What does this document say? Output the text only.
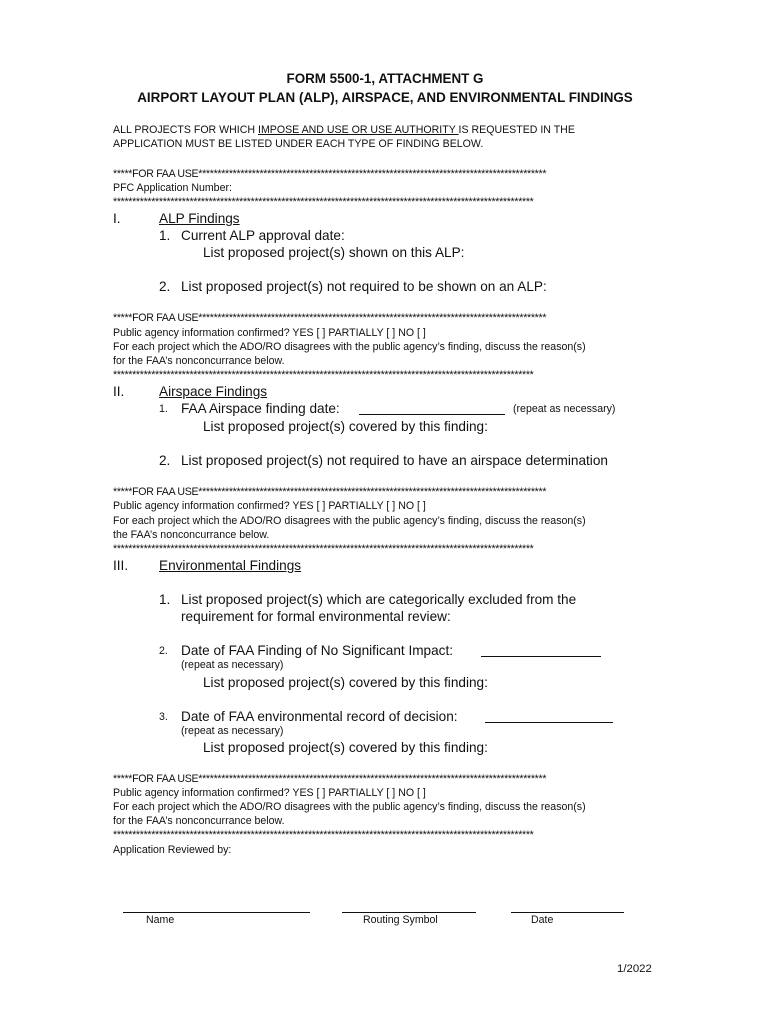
FORM 5500-1, ATTACHMENT G
AIRPORT LAYOUT PLAN (ALP), AIRSPACE, AND ENVIRONMENTAL FINDINGS
ALL PROJECTS FOR WHICH IMPOSE AND USE OR USE AUTHORITY IS REQUESTED IN THE
APPLICATION MUST BE LISTED UNDER EACH TYPE OF FINDING BELOW.
*****FOR FAA USE*******************************************************************************************
PFC Application Number:
**************************************************************************************************************
I.	ALP Findings
1. Current ALP approval date:
List proposed project(s) shown on this ALP:
2. List proposed project(s) not required to be shown on an ALP:
*****FOR FAA USE*******************************************************************************************
Public agency information confirmed? YES [ ] PARTIALLY [ ] NO [ ]
For each project which the ADO/RO disagrees with the public agency’s finding, discuss the reason(s)
for the FAA’s nonconcurrance below.
**************************************************************************************************************
II.	Airspace Findings
1. FAA Airspace finding date:	(repeat as necessary)
List proposed project(s) covered by this finding:
2. List proposed project(s) not required to have an airspace determination
*****FOR FAA USE*******************************************************************************************
Public agency information confirmed? YES [ ] PARTIALLY [ ] NO [ ]
For each project which the ADO/RO disagrees with the public agency’s finding, discuss the reason(s)
the FAA’s nonconcurrance below.
**************************************************************************************************************
III. Environmental Findings
1. List proposed project(s) which are categorically excluded from the
requirement for formal environmental review:
2. Date of FAA Finding of No Significant Impact:
(repeat as necessary)
List proposed project(s) covered by this finding:
3. Date of FAA environmental record of decision:
(repeat as necessary)
List proposed project(s) covered by this finding:
*****FOR FAA USE*******************************************************************************************
Public agency information confirmed? YES [ ] PARTIALLY [ ] NO [ ]
For each project which the ADO/RO disagrees with the public agency’s finding, discuss the reason(s)
for the FAA’s nonconcurrance below.
**************************************************************************************************************
Application Reviewed by:
Name	Routing Symbol	Date
1/2022
